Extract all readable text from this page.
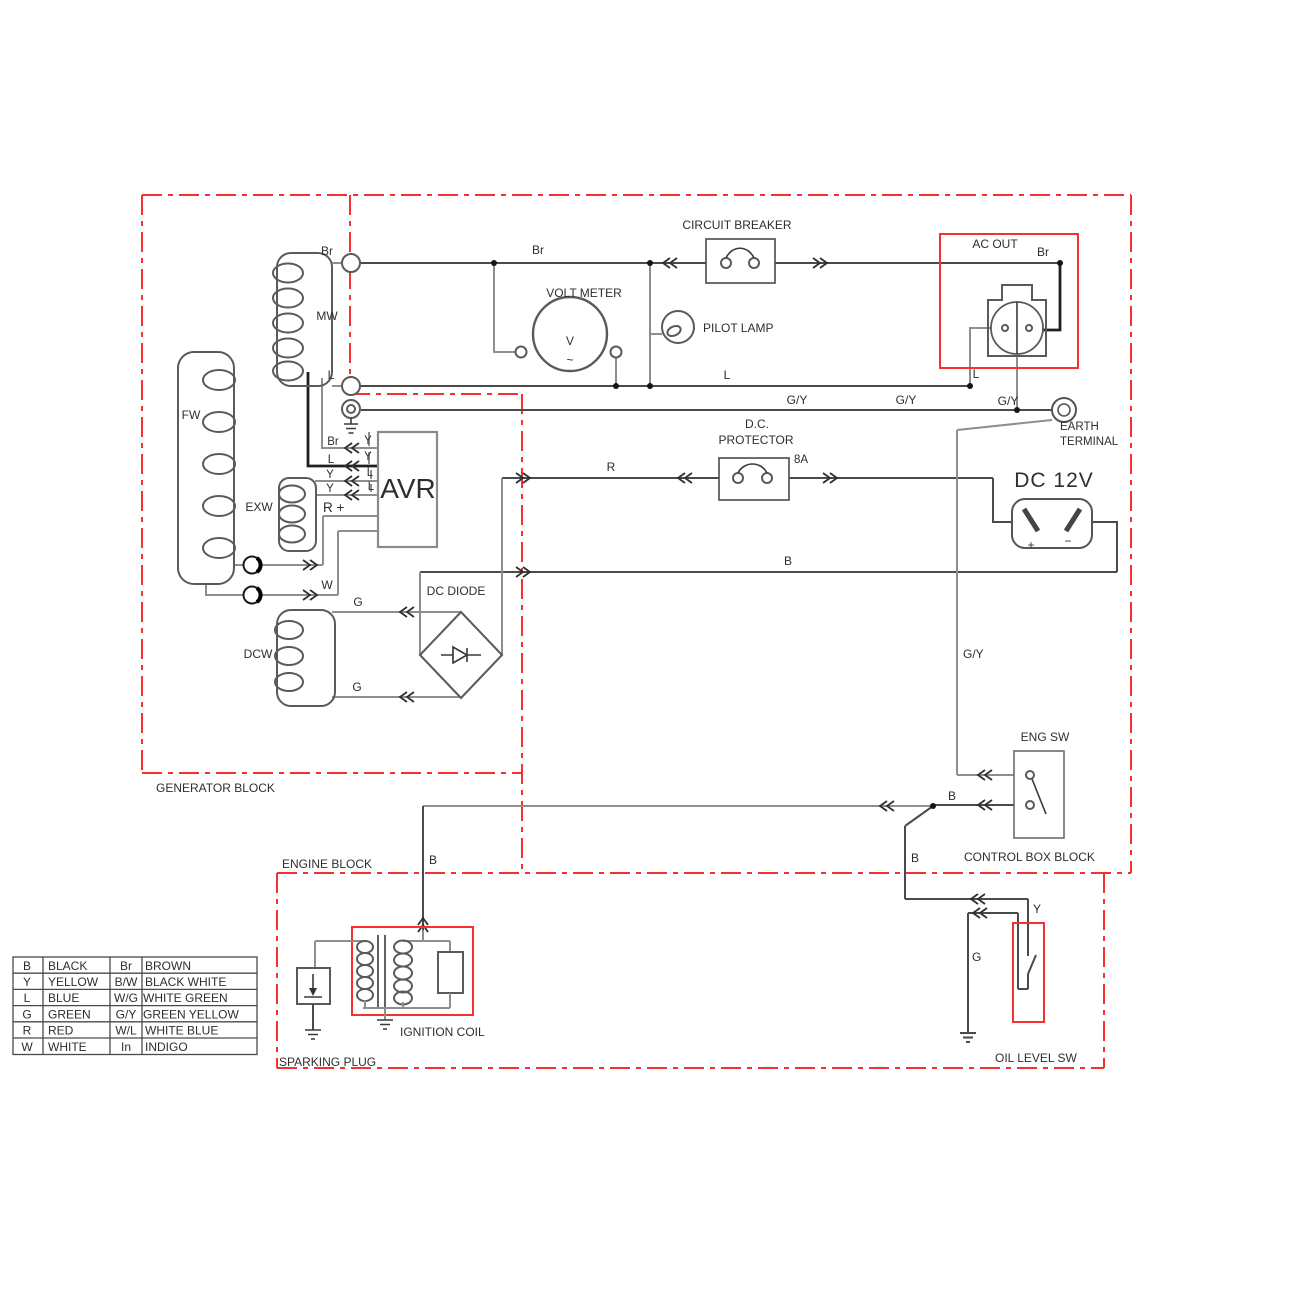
AVR
V
~
+ −
CIRCUIT BREAKER
VOLT METER
PILOT LAMP
AC OUT
EARTH
TERMINAL
D.C.
PROTECTOR
8A
DC 12V
DC DIODE
ENG SW
CONTROL BOX BLOCK
GENERATOR BLOCK
ENGINE BLOCK
IGNITION COIL
SPARKING PLUG	OIL LEVEL SW
FW
MW
EXW
DCW
Br	Br	Br
L	L	L
G/Y	G/Y	G/Y
G/Y
R
B
B
B
B
W
G
G
G
Y
R +
Br
L
Y
Y
Y
Y
L
L
B BLACK	Br BROWN
Y YELLOW B/W BLACK WHITE
L BLUE	W/G WHITE GREEN
G GREEN G/Y GREEN YELLOW
R RED	W/L WHITE BLUE
W WHITE	In INDIGO
